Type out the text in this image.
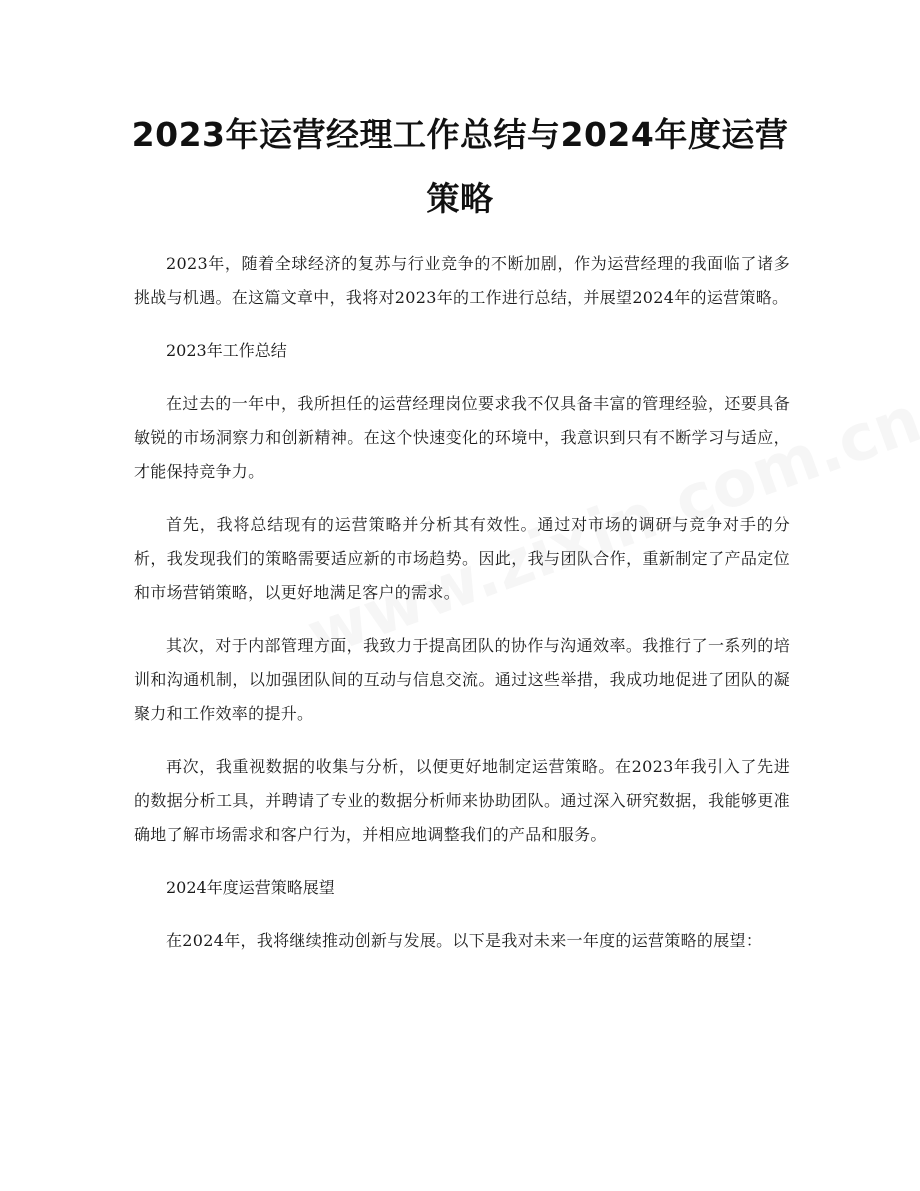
2023年运营经理工作总结与2024年度运营策略

2023年，随着全球经济的复苏与行业竞争的不断加剧，作为运营经理的我面临了诸多挑战与机遇。在这篇文章中，我将对2023年的工作进行总结，并展望2024年的运营策略。

2023年工作总结

在过去的一年中，我所担任的运营经理岗位要求我不仅具备丰富的管理经验，还要具备敏锐的市场洞察力和创新精神。在这个快速变化的环境中，我意识到只有不断学习与适应，才能保持竞争力。

首先，我将总结现有的运营策略并分析其有效性。通过对市场的调研与竞争对手的分析，我发现我们的策略需要适应新的市场趋势。因此，我与团队合作，重新制定了产品定位和市场营销策略，以更好地满足客户的需求。

其次，对于内部管理方面，我致力于提高团队的协作与沟通效率。我推行了一系列的培训和沟通机制，以加强团队间的互动与信息交流。通过这些举措，我成功地促进了团队的凝聚力和工作效率的提升。

再次，我重视数据的收集与分析，以便更好地制定运营策略。在2023年我引入了先进的数据分析工具，并聘请了专业的数据分析师来协助团队。通过深入研究数据，我能够更准确地了解市场需求和客户行为，并相应地调整我们的产品和服务。

2024年度运营策略展望

在2024年，我将继续推动创新与发展。以下是我对未来一年度的运营策略的展望：
